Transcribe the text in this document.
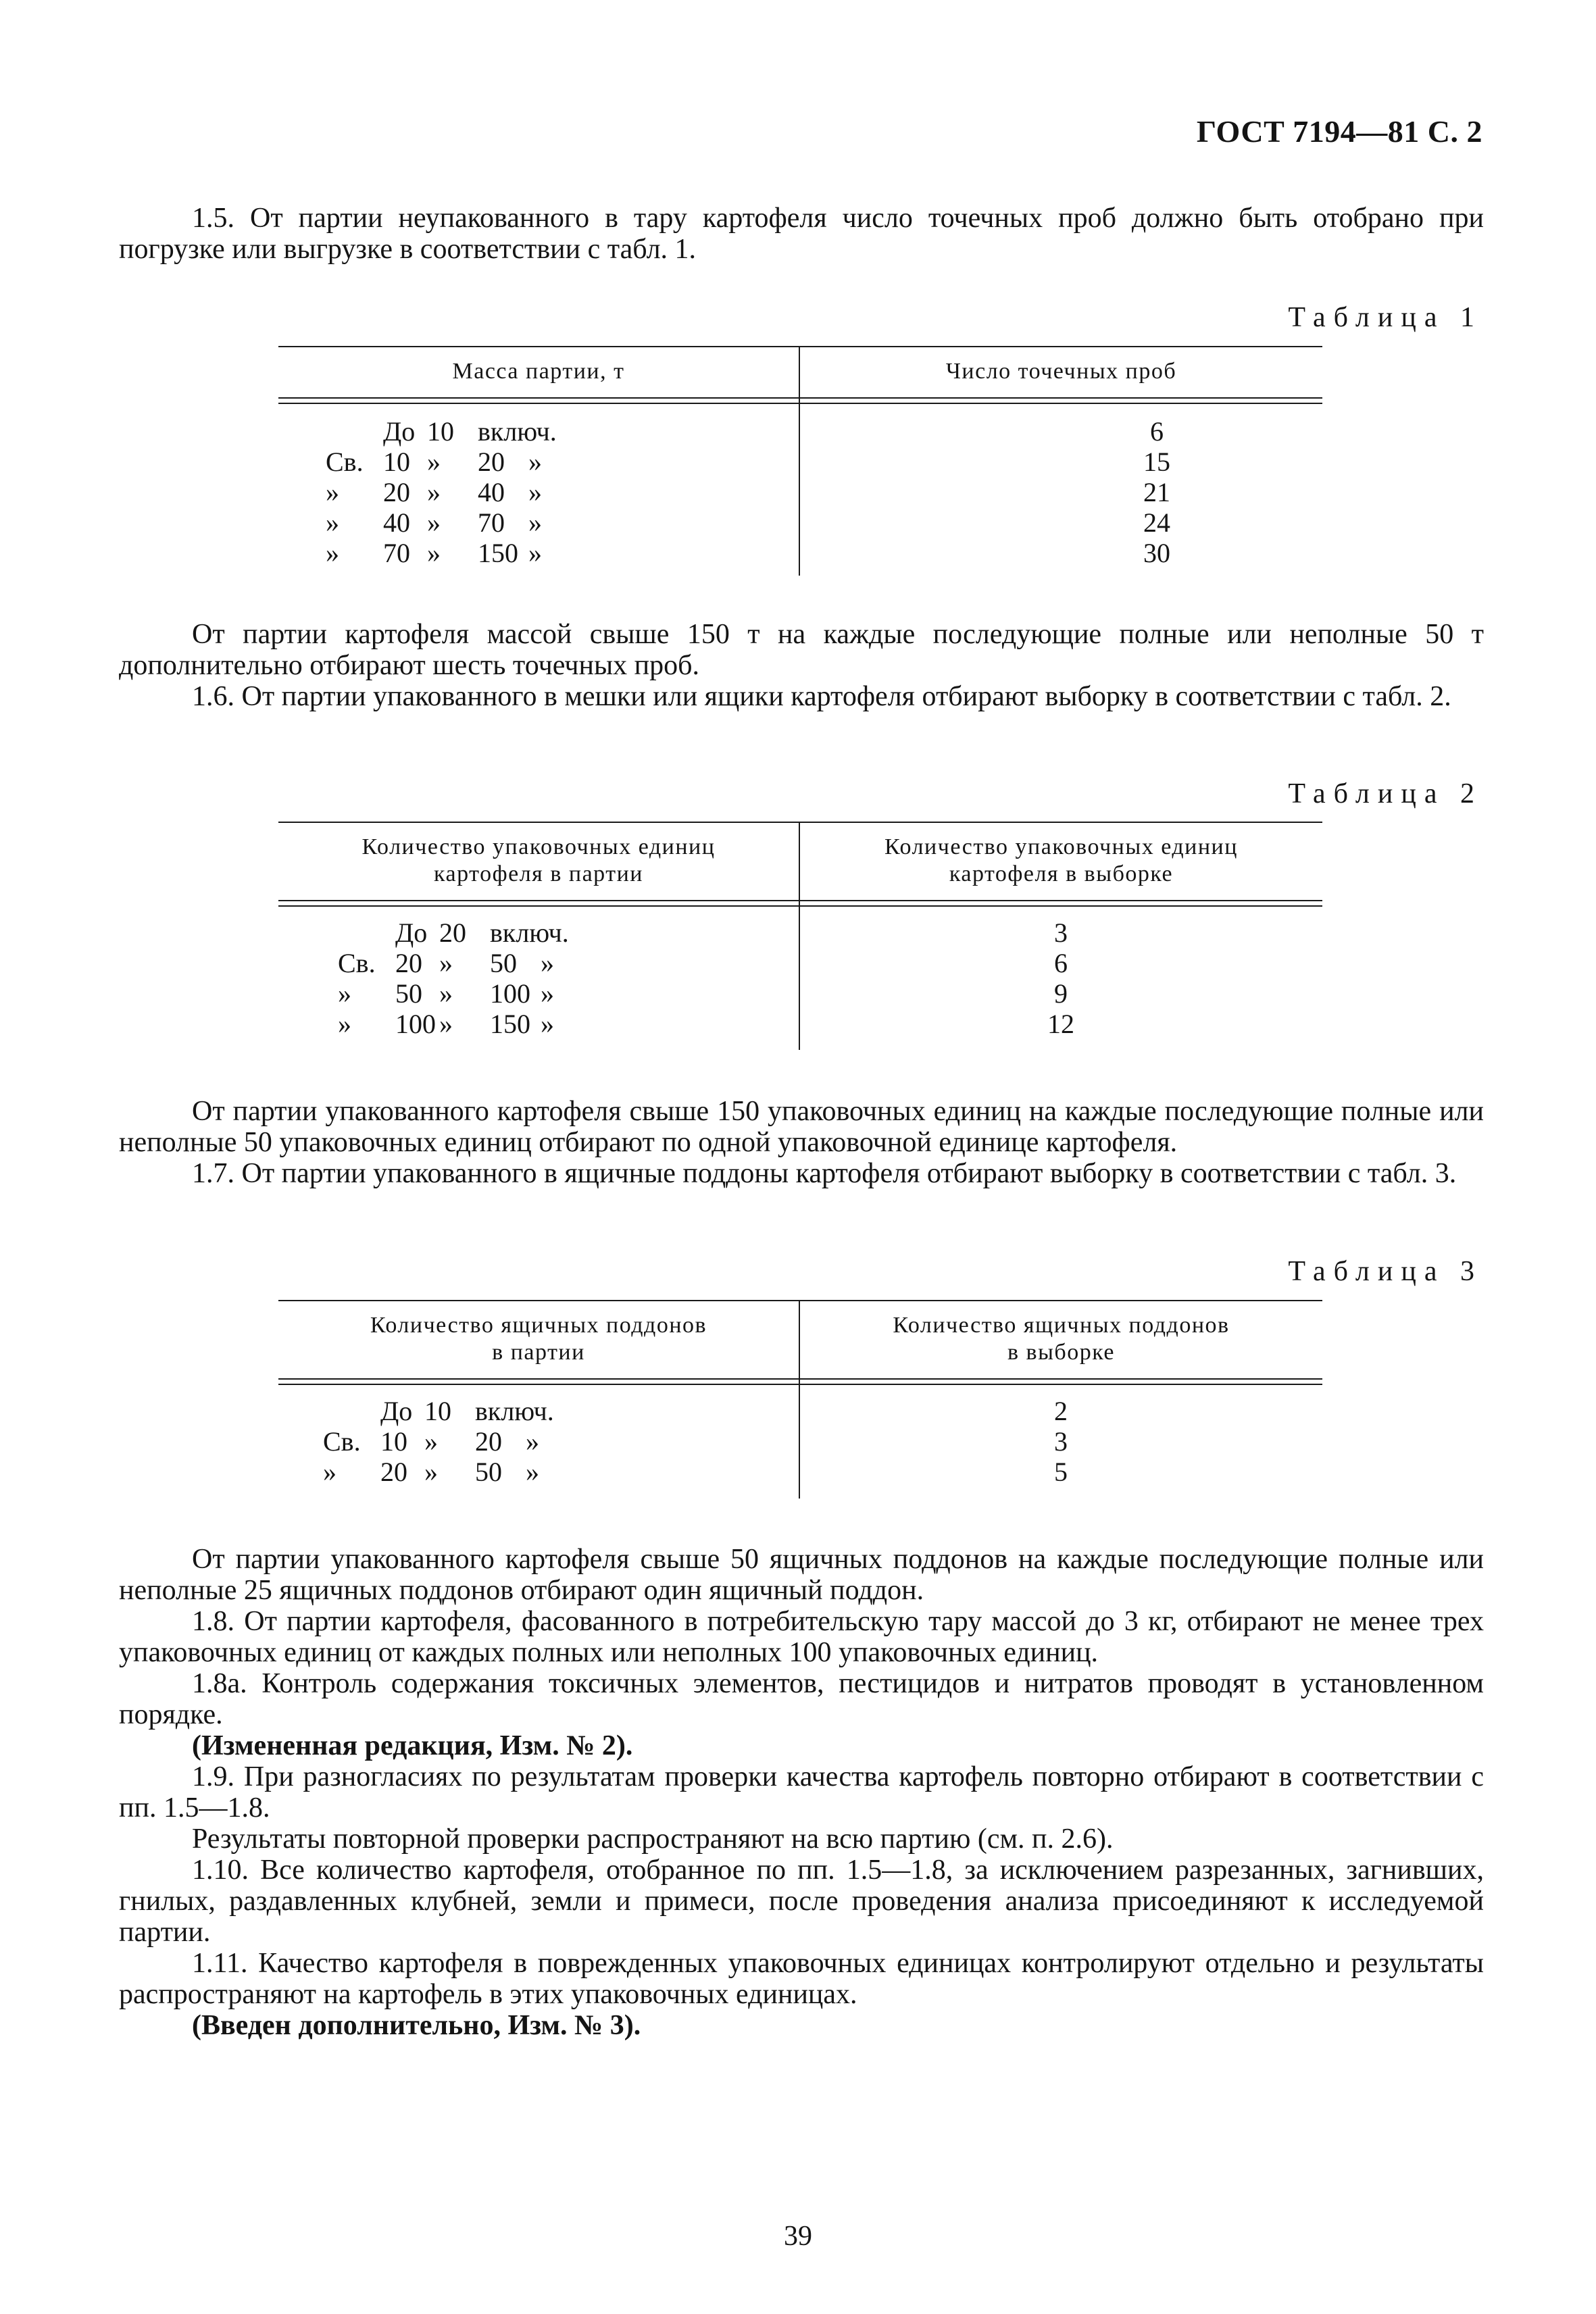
ГОСТ 7194—81 С. 2

1.5. От партии неупакованного в тару картофеля число точечных проб должно быть отобрано при погрузке или выгрузке в соответствии с табл. 1.

Таблица 1
Масса партии, т	Число точечных проб
До 10 включ.
Св. 10 » 20 »
» 20 » 40 »
» 40 » 70 »
» 70 » 150 »
6
15
21
24
30

От партии картофеля массой свыше 150 т на каждые последующие полные или неполные 50 т дополнительно отбирают шесть точечных проб.

1.6. От партии упакованного в мешки или ящики картофеля отбирают выборку в соответствии с табл. 2.

Таблица 2
Количество упаковочных единиц
картофеля в партии
Количество упаковочных единиц
картофеля в выборке
До 20 включ.
Св. 20 » 50 »
» 50 » 100 »
» 100 » 150 »
3
6
9
12

От партии упакованного картофеля свыше 150 упаковочных единиц на каждые последующие полные или неполные 50 упаковочных единиц отбирают по одной упаковочной единице картофеля.

1.7. От партии упакованного в ящичные поддоны картофеля отбирают выборку в соответствии с табл. 3.

Таблица 3
Количество ящичных поддонов
в партии
Количество ящичных поддонов
в выборке
До 10 включ.
Св. 10 » 20 »
» 20 » 50 »
2
3
5

От партии упакованного картофеля свыше 50 ящичных поддонов на каждые последующие полные или неполные 25 ящичных поддонов отбирают один ящичный поддон.

1.8. От партии картофеля, фасованного в потребительскую тару массой до 3 кг, отбирают не менее трех упаковочных единиц от каждых полных или неполных 100 упаковочных единиц.

1.8а. Контроль содержания токсичных элементов, пестицидов и нитратов проводят в установленном порядке.

(Измененная редакция, Изм. № 2).

1.9. При разногласиях по результатам проверки качества картофель повторно отбирают в соответствии с пп. 1.5—1.8.

Результаты повторной проверки распространяют на всю партию (см. п. 2.6).

1.10. Все количество картофеля, отобранное по пп. 1.5—1.8, за исключением разрезанных, загнивших, гнилых, раздавленных клубней, земли и примеси, после проведения анализа присоединяют к исследуемой партии.

1.11. Качество картофеля в поврежденных упаковочных единицах контролируют отдельно и результаты распространяют на картофель в этих упаковочных единицах.

(Введен дополнительно, Изм. № 3).

39
